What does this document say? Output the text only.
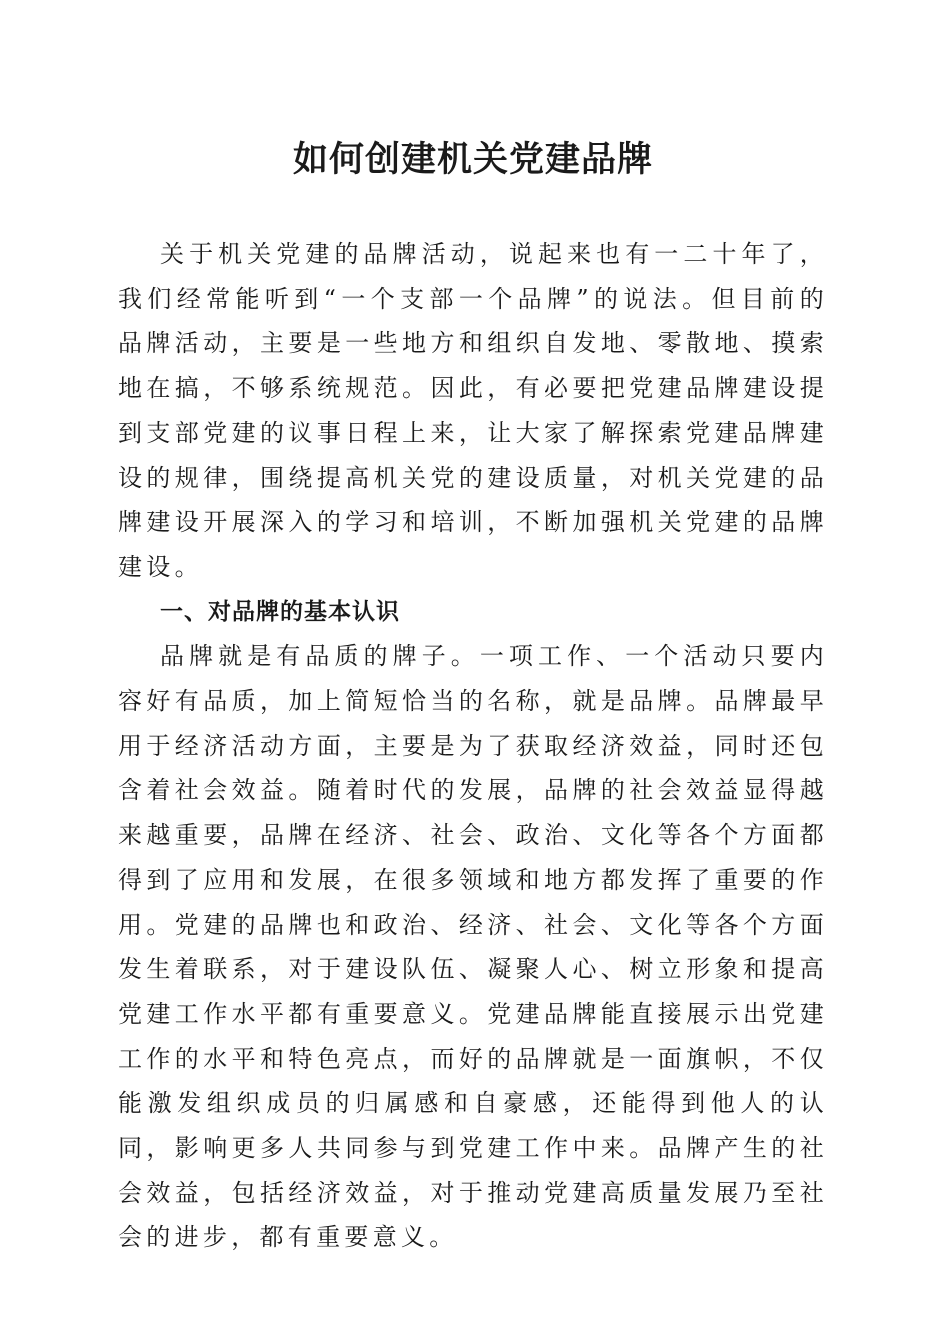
如何创建机关党建品牌

关于机关党建的品牌活动，说起来也有一二十年了，我们经常能听到“一个支部一个品牌”的说法。但目前的品牌活动，主要是一些地方和组织自发地、零散地、摸索地在搞，不够系统规范。因此，有必要把党建品牌建设提到支部党建的议事日程上来，让大家了解探索党建品牌建设的规律，围绕提高机关党的建设质量，对机关党建的品牌建设开展深入的学习和培训，不断加强机关党建的品牌建设。

一、对品牌的基本认识

品牌就是有品质的牌子。一项工作、一个活动只要内容好有品质，加上简短恰当的名称，就是品牌。品牌最早用于经济活动方面，主要是为了获取经济效益，同时还包含着社会效益。随着时代的发展，品牌的社会效益显得越来越重要，品牌在经济、社会、政治、文化等各个方面都得到了应用和发展，在很多领域和地方都发挥了重要的作用。党建的品牌也和政治、经济、社会、文化等各个方面发生着联系，对于建设队伍、凝聚人心、树立形象和提高党建工作水平都有重要意义。党建品牌能直接展示出党建工作的水平和特色亮点，而好的品牌就是一面旗帜，不仅能激发组织成员的归属感和自豪感，还能得到他人的认同，影响更多人共同参与到党建工作中来。品牌产生的社会效益，包括经济效益，对于推动党建高质量发展乃至社会的进步，都有重要意义。
